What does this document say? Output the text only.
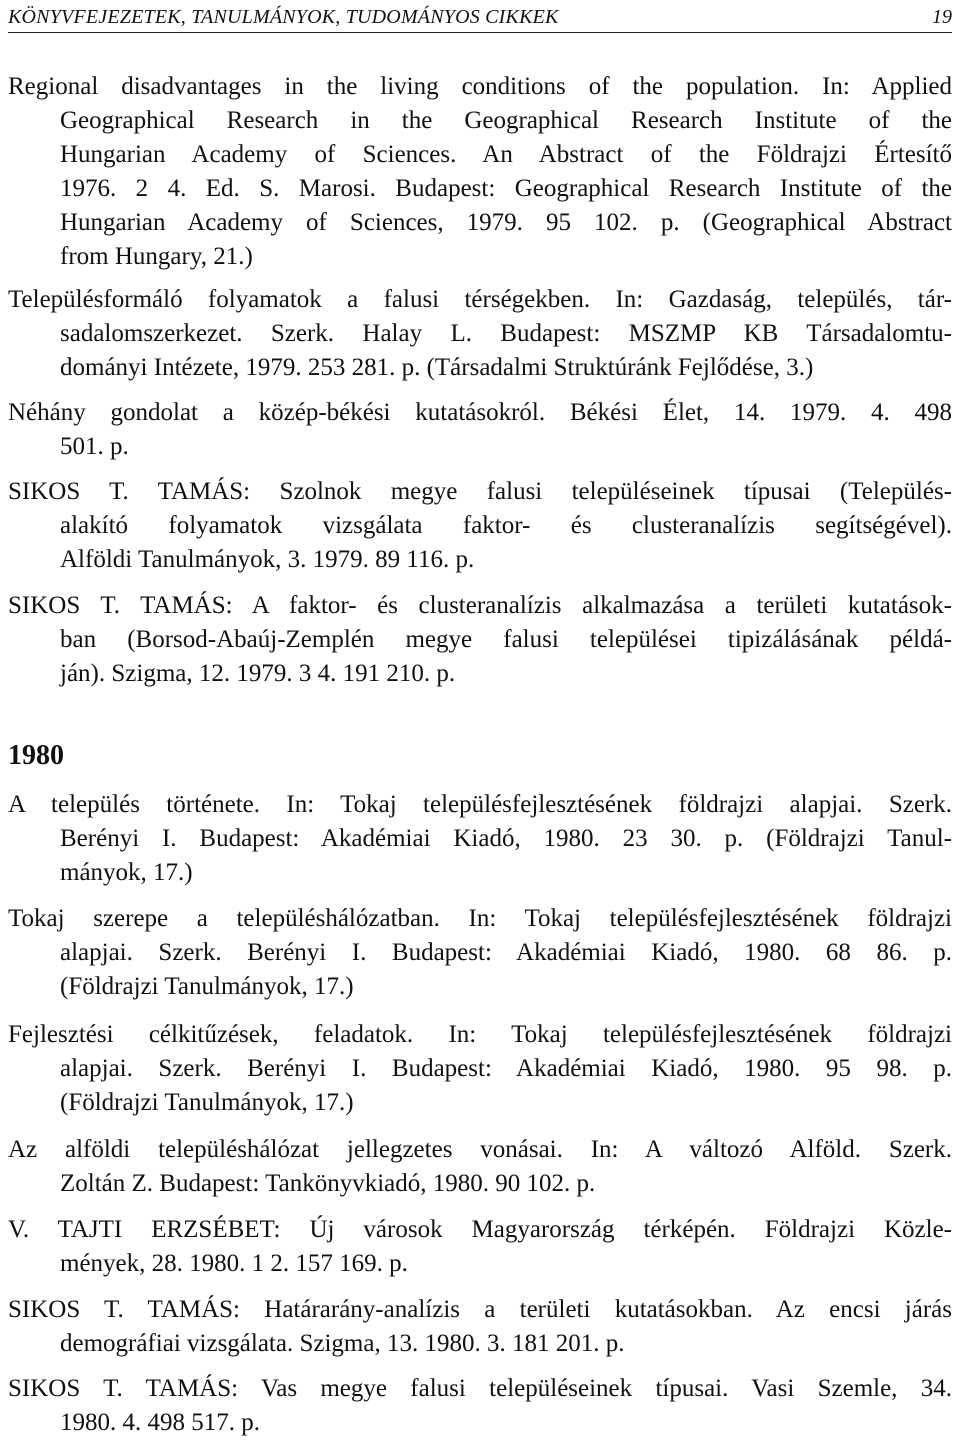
KÖNYVFEJEZETEK, TANULMÁNYOK, TUDOMÁNYOS CIKKEK	19
Regional disadvantages in the living conditions of the population. In: Applied
Geographical Research in the Geographical Research Institute of the
Hungarian Academy of Sciences. An Abstract of the Földrajzi Értesítő
1976. 2 4. Ed. S. Marosi. Budapest: Geographical Research Institute of the
Hungarian Academy of Sciences, 1979. 95 102. p. (Geographical Abstract
from Hungary, 21.)
Településformáló folyamatok a falusi térségekben. In: Gazdaság, település, tár-
sadalomszerkezet. Szerk. Halay L. Budapest: MSZMP KB Társadalomtu-
dományi Intézete, 1979. 253 281. p. (Társadalmi Struktúránk Fejlődése, 3.)
Néhány gondolat a közép-békési kutatásokról. Békési Élet, 14. 1979. 4. 498
501. p.
SIKOS T. TAMÁS: Szolnok megye falusi településeinek típusai (Település-
alakító folyamatok vizsgálata faktor- és clusteranalízis segítségével).
Alföldi Tanulmányok, 3. 1979. 89 116. p.
SIKOS T. TAMÁS: A faktor- és clusteranalízis alkalmazása a területi kutatások-
ban (Borsod-Abaúj-Zemplén megye falusi települései tipizálásának példá-
ján). Szigma, 12. 1979. 3 4. 191 210. p.
1980
A település története. In: Tokaj településfejlesztésének földrajzi alapjai. Szerk.
Berényi I. Budapest: Akadémiai Kiadó, 1980. 23 30. p. (Földrajzi Tanul-
mányok, 17.)
Tokaj szerepe a településhálózatban. In: Tokaj településfejlesztésének földrajzi
alapjai. Szerk. Berényi I. Budapest: Akadémiai Kiadó, 1980. 68 86. p.
(Földrajzi Tanulmányok, 17.)
Fejlesztési célkitűzések, feladatok. In: Tokaj településfejlesztésének földrajzi
alapjai. Szerk. Berényi I. Budapest: Akadémiai Kiadó, 1980. 95 98. p.
(Földrajzi Tanulmányok, 17.)
Az alföldi településhálózat jellegzetes vonásai. In: A változó Alföld. Szerk.
Zoltán Z. Budapest: Tankönyvkiadó, 1980. 90 102. p.
V. TAJTI ERZSÉBET: Új városok Magyarország térképén. Földrajzi Közle-
mények, 28. 1980. 1 2. 157 169. p.
SIKOS T. TAMÁS: Határarány-analízis a területi kutatásokban. Az encsi járás
demográfiai vizsgálata. Szigma, 13. 1980. 3. 181 201. p.
SIKOS T. TAMÁS: Vas megye falusi településeinek típusai. Vasi Szemle, 34.
1980. 4. 498 517. p.
